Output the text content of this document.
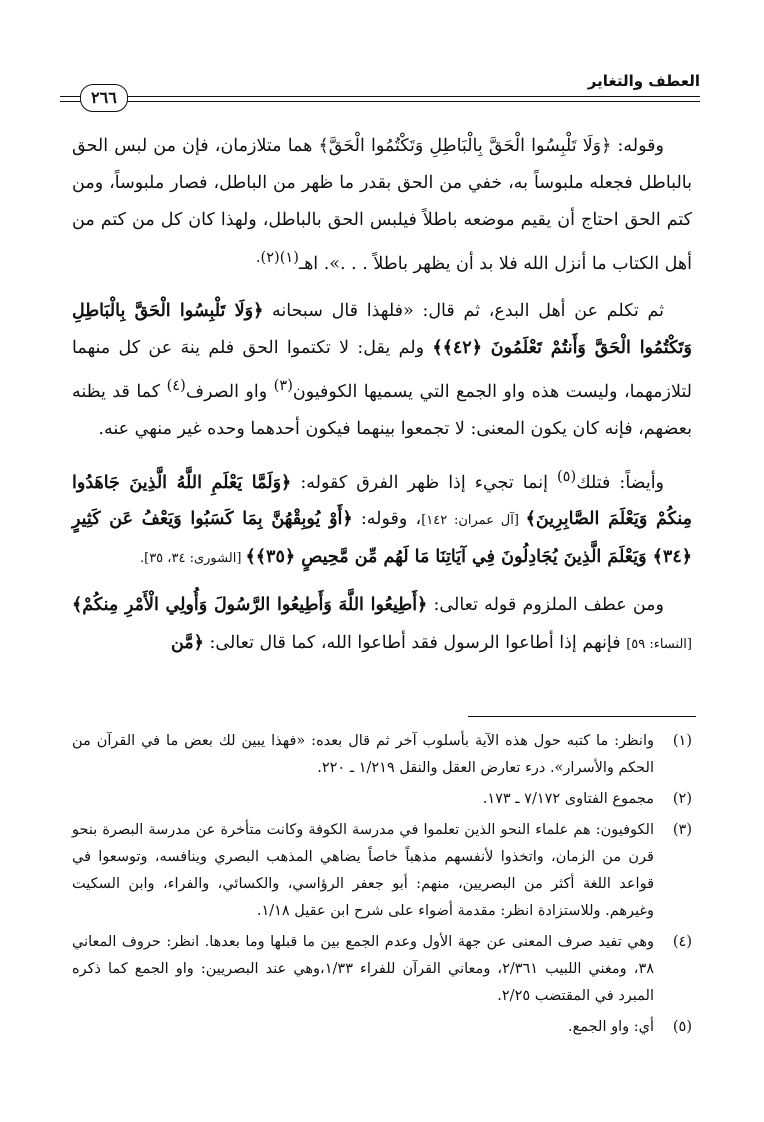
العطف والتغاير
٢٦٦

وقوله: ﴿وَلَا تَلْبِسُوا الْحَقَّ بِالْبَاطِلِ وَتَكْتُمُوا الْحَقَّ﴾ هما متلازمان، فإن من لبس الحق بالباطل فجعله ملبوساً به، خفي من الحق بقدر ما ظهر من الباطل، فصار ملبوساً، ومن كتم الحق احتاج أن يقيم موضعه باطلاً فيلبس الحق بالباطل، ولهذا كان كل من كتم من أهل الكتاب ما أنزل الله فلا بد أن يظهر باطلاً . . .». اهـ$^{(١)(٢).}$

ثم تكلم عن أهل البدع، ثم قال: «فلهذا قال سبحانه ﴿وَلَا تَلْبِسُوا الْحَقَّ بِالْبَاطِلِ وَتَكْتُمُوا الْحَقَّ وَأَنتُمْ تَعْلَمُونَ ﴿٤٢﴾﴾ ولم يقل: لا تكتموا الحق فلم ينهَ عن كل منهما لتلازمهما، وليست هذه واو الجمع التي يسميها الكوفيون$^{(٣)}$ واو الصرف$^{(٤)}$ كما قد يظنه بعضهم، فإنه كان يكون المعنى: لا تجمعوا بينهما فيكون أحدهما وحده غير منهي عنه.

وأيضاً: فتلك$^{(٥)}$ إنما تجيء إذا ظهر الفرق كقوله: ﴿وَلَمَّا يَعْلَمِ اللَّهُ الَّذِينَ جَاهَدُوا مِنكُمْ وَيَعْلَمَ الصَّابِرِينَ﴾ [آل عمران: ١٤٢]، وقوله: ﴿أَوْ يُوبِقْهُنَّ بِمَا كَسَبُوا وَيَعْفُ عَن كَثِيرٍ ﴿٣٤﴾ وَيَعْلَمَ الَّذِينَ يُجَادِلُونَ فِي آيَاتِنَا مَا لَهُم مِّن مَّحِيصٍ ﴿٣٥﴾﴾ [الشورى: ٣٤، ٣٥].

ومن عطف الملزوم قوله تعالى: ﴿أَطِيعُوا اللَّهَ وَأَطِيعُوا الرَّسُولَ وَأُولِي الْأَمْرِ مِنكُمْ﴾ [النساء: ٥٩] فإنهم إذا أطاعوا الرسول فقد أطاعوا الله، كما قال تعالى: ﴿مَّن

(١)
وانظر: ما كتبه حول هذه الآية بأسلوب آخر ثم قال بعده: «فهذا يبين لك بعض ما في القرآن من الحكم والأسرار». درء تعارض العقل والنقل ١/٢١٩ ـ ٢٢٠.
(٢)
مجموع الفتاوى ٧/١٧٢ ـ ١٧٣.
(٣)
الكوفيون: هم علماء النحو الذين تعلموا في مدرسة الكوفة وكانت متأخرة عن مدرسة البصرة بنحو قرن من الزمان، واتخذوا لأنفسهم مذهباً خاصاً يضاهي المذهب البصري وينافسه، وتوسعوا في قواعد اللغة أكثر من البصريين، منهم: أبو جعفر الرؤاسي، والكسائي، والفراء، وابن السكيت وغيرهم. وللاستزادة انظر: مقدمة أضواء على شرح ابن عقيل ١/١٨.
(٤)
وهي تفيد صرف المعنى عن جهة الأول وعدم الجمع بين ما قبلها وما بعدها. انظر: حروف المعاني ٣٨، ومغني اللبيب ٢/٣٦١، ومعاني القرآن للفراء ١/٣٣،وهي عند البصريين: واو الجمع كما ذكره المبرد في المقتضب ٢/٢٥.
(٥)
أي: واو الجمع.
